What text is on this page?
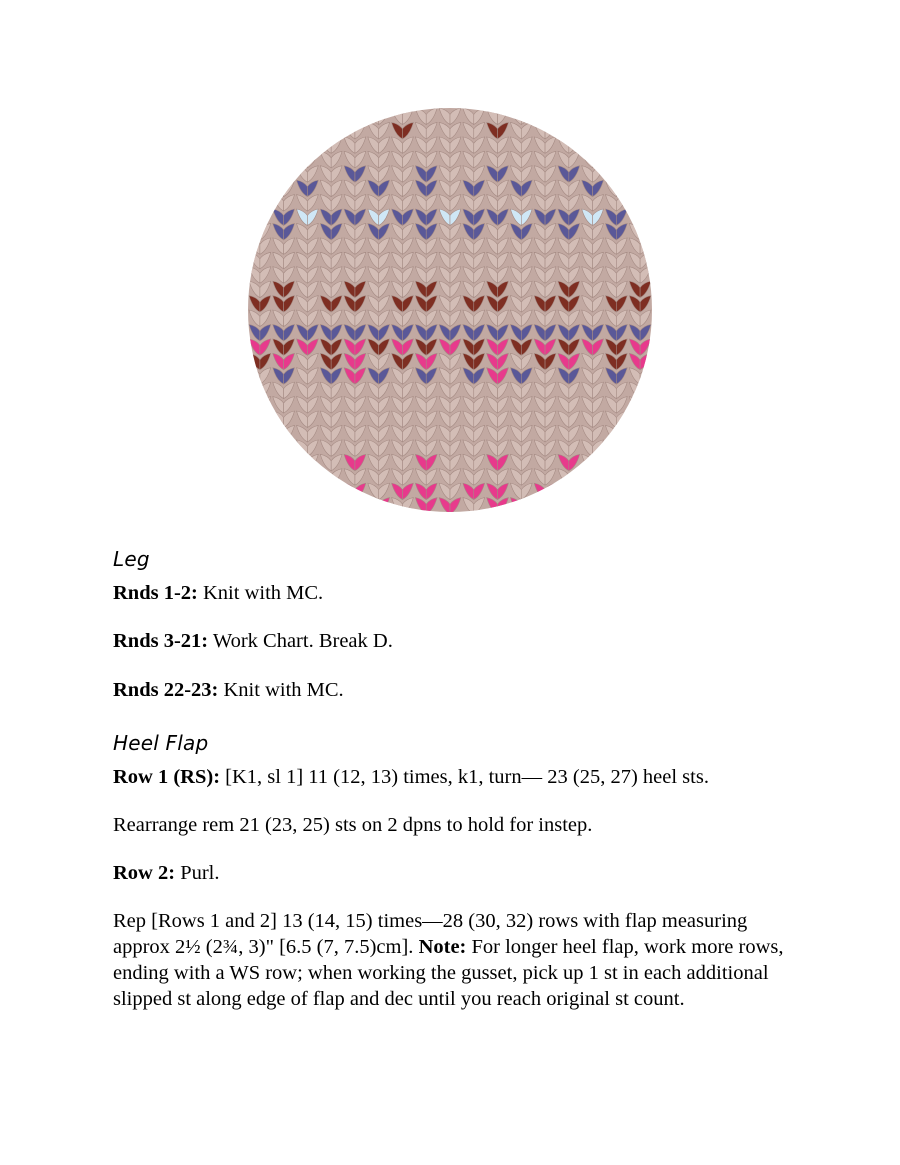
Leg

Rnds 1-2: Knit with MC.

Rnds 3-21: Work Chart. Break D.

Rnds 22-23: Knit with MC.

Heel Flap

Row 1 (RS): [K1, sl 1] 11 (12, 13) times, k1, turn— 23 (25, 27) heel sts.

Rearrange rem 21 (23, 25) sts on 2 dpns to hold for instep.

Row 2: Purl.

Rep [Rows 1 and 2] 13 (14, 15) times—28 (30, 32) rows with flap measuring approx 2½ (2¾, 3)" [6.5 (7, 7.5)cm]. Note: For longer heel flap, work more rows, ending with a WS row; when working the gusset, pick up 1 st in each additional slipped st along edge of flap and dec until you reach original st count.
